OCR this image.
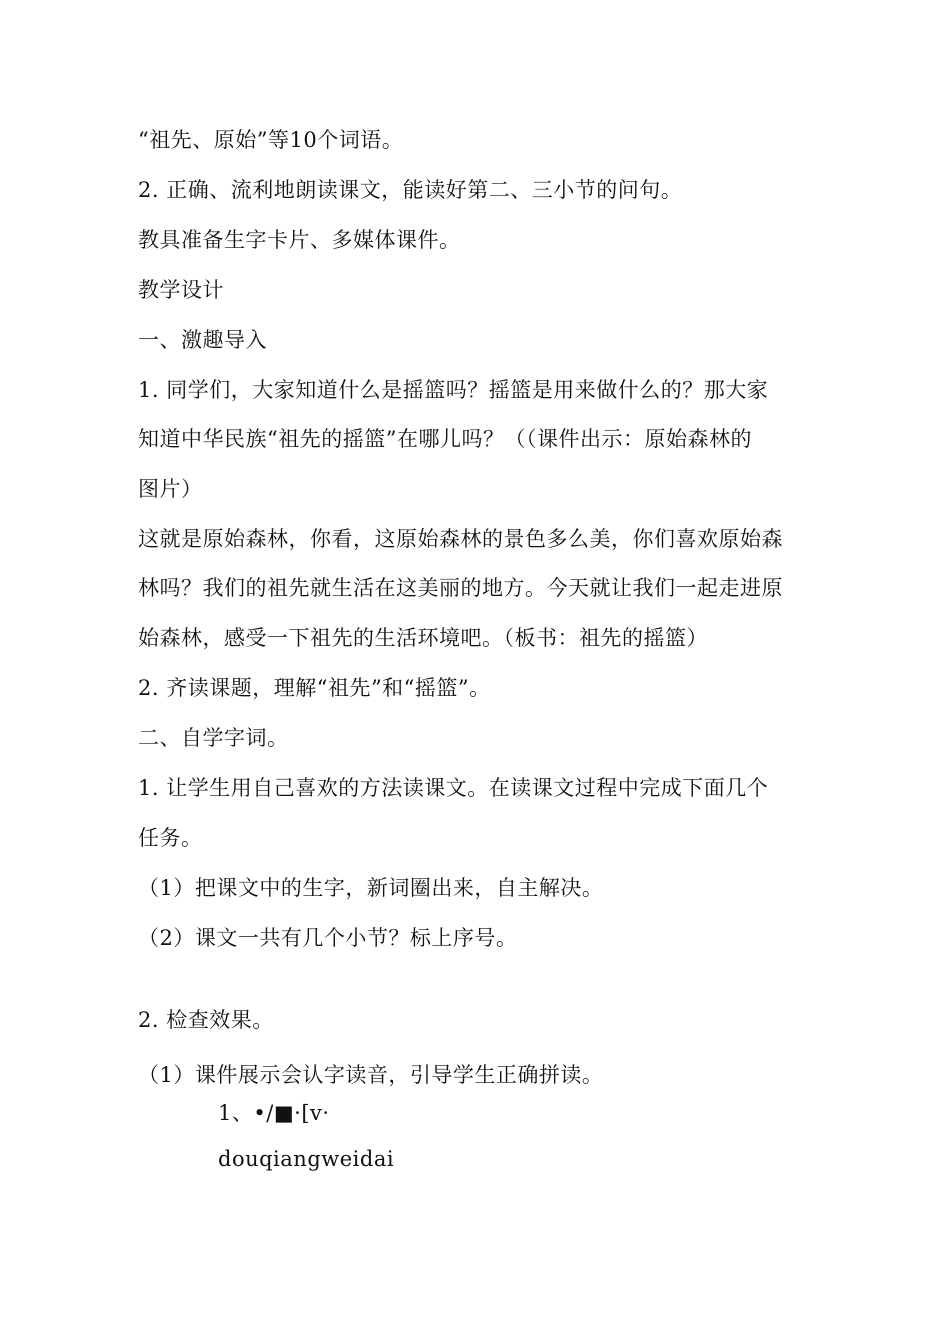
“祖先、原始”等10个词语。
2. 正确、流利地朗读课文，能读好第二、三小节的问句。
教具准备生字卡片、多媒体课件。
教学设计
一、激趣导入
1. 同学们，大家知道什么是摇篮吗？摇篮是用来做什么的？那大家
知道中华民族“祖先的摇篮”在哪儿吗？（（课件出示：原始森林的
图片）
这就是原始森林，你看，这原始森林的景色多么美，你们喜欢原始森
林吗？我们的祖先就生活在这美丽的地方。今天就让我们一起走进原
始森林，感受一下祖先的生活环境吧。（板书：祖先的摇篮）
2. 齐读课题，理解“祖先”和“摇篮”。
二、自学字词。
1. 让学生用自己喜欢的方法读课文。在读课文过程中完成下面几个
任务。
（1）把课文中的生字，新词圈出来，自主解决。
（2）课文一共有几个小节？标上序号。
2. 检查效果。
（1）课件展示会认字读音，引导学生正确拼读。
1、•/■·[v·
douqiangweidai
